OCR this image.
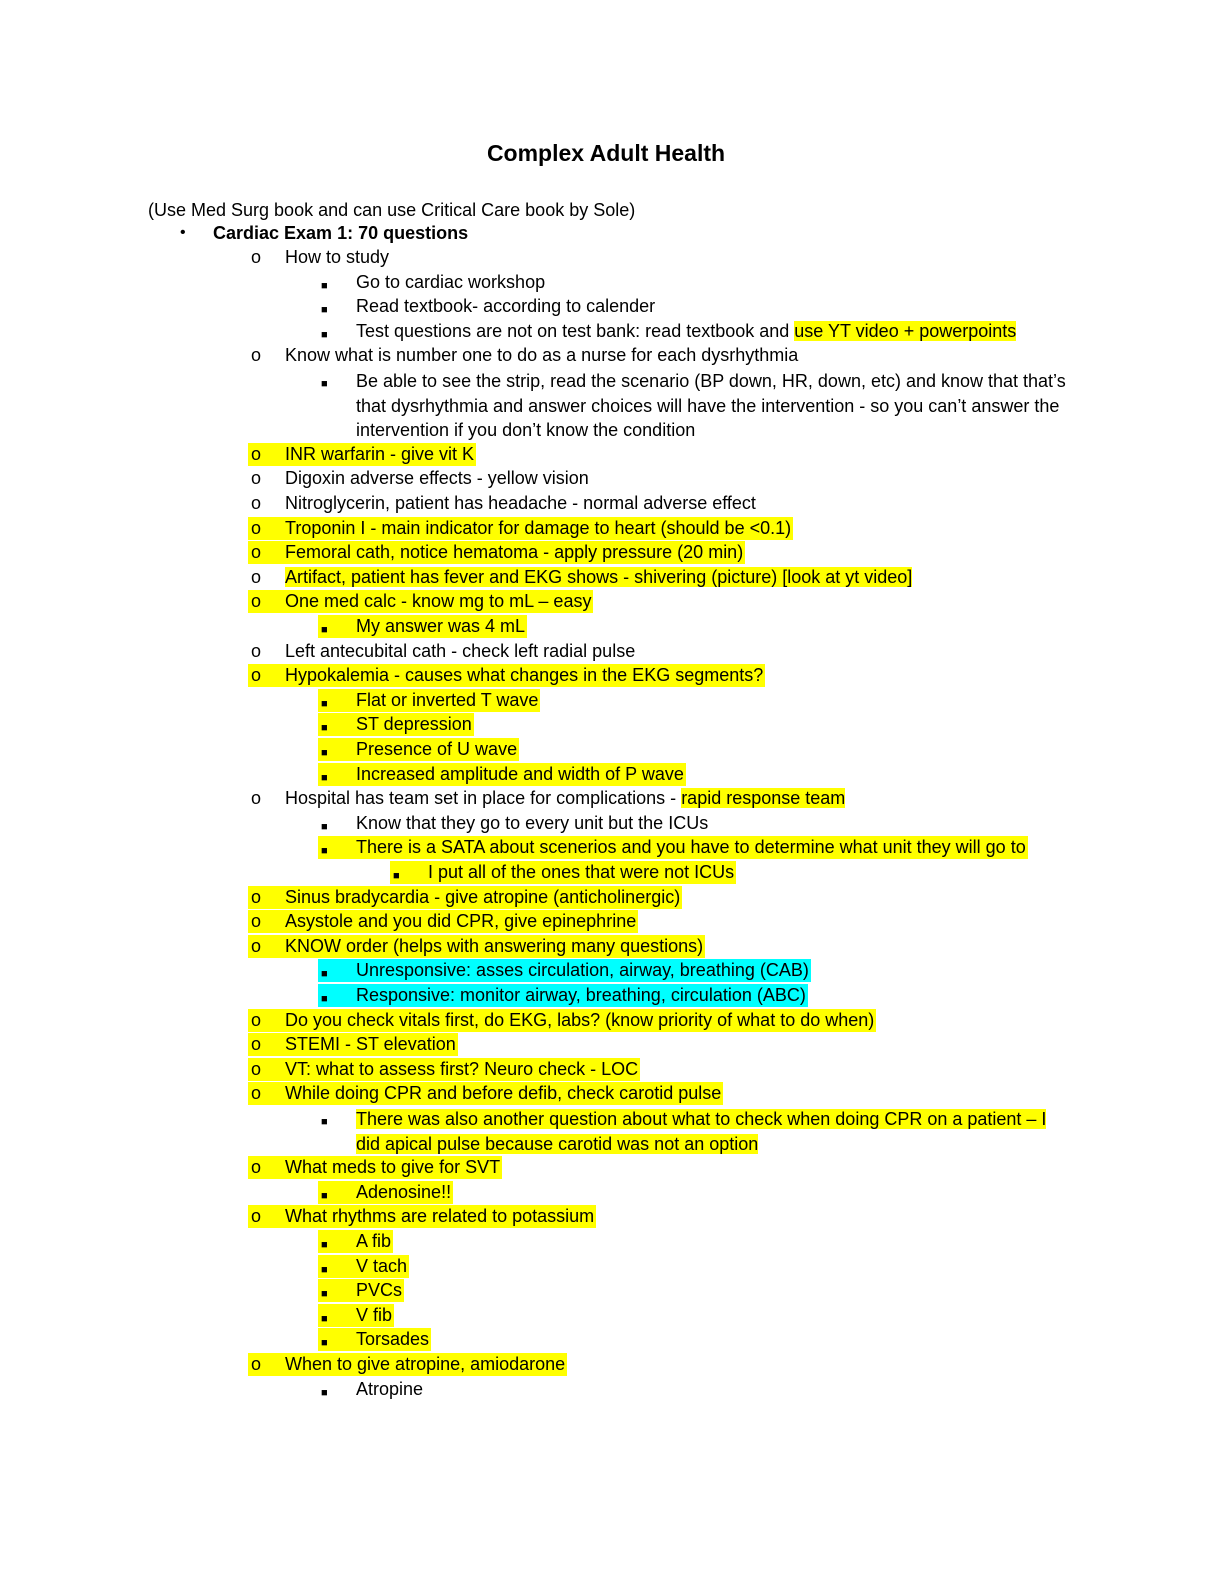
Complex Adult Health
(Use Med Surg book and can use Critical Care book by Sole)
• Cardiac Exam 1: 70 questions
o How to study
■ Go to cardiac workshop
■ Read textbook- according to calender
■ Test questions are not on test bank: read textbook and use YT video + powerpoints
o Know what is number one to do as a nurse for each dysrhythmia
■ Be able to see the strip, read the scenario (BP down, HR, down, etc) and know that that’s that dysrhythmia and answer choices will have the intervention - so you can’t answer the intervention if you don’t know the condition
o INR warfarin - give vit K
o Digoxin adverse effects - yellow vision
o Nitroglycerin, patient has headache - normal adverse effect
o Troponin I - main indicator for damage to heart (should be <0.1)
o Femoral cath, notice hematoma - apply pressure (20 min)
o Artifact, patient has fever and EKG shows - shivering (picture) [look at yt video]
o One med calc - know mg to mL – easy
■ My answer was 4 mL
o Left antecubital cath - check left radial pulse
o Hypokalemia - causes what changes in the EKG segments?
■ Flat or inverted T wave
■ ST depression
■ Presence of U wave
■ Increased amplitude and width of P wave
o Hospital has team set in place for complications - rapid response team
■ Know that they go to every unit but the ICUs
■ There is a SATA about scenerios and you have to determine what unit they will go to
■ I put all of the ones that were not ICUs
o Sinus bradycardia - give atropine (anticholinergic)
o Asystole and you did CPR, give epinephrine
o KNOW order (helps with answering many questions)
■ Unresponsive: asses circulation, airway, breathing (CAB)
■ Responsive: monitor airway, breathing, circulation (ABC)
o Do you check vitals first, do EKG, labs? (know priority of what to do when)
o STEMI - ST elevation
o VT: what to assess first? Neuro check - LOC
o While doing CPR and before defib, check carotid pulse
■ There was also another question about what to check when doing CPR on a patient – I did apical pulse because carotid was not an option
o What meds to give for SVT
■ Adenosine!!
o What rhythms are related to potassium
■ A fib
■ V tach
■ PVCs
■ V fib
■ Torsades
o When to give atropine, amiodarone
■ Atropine
